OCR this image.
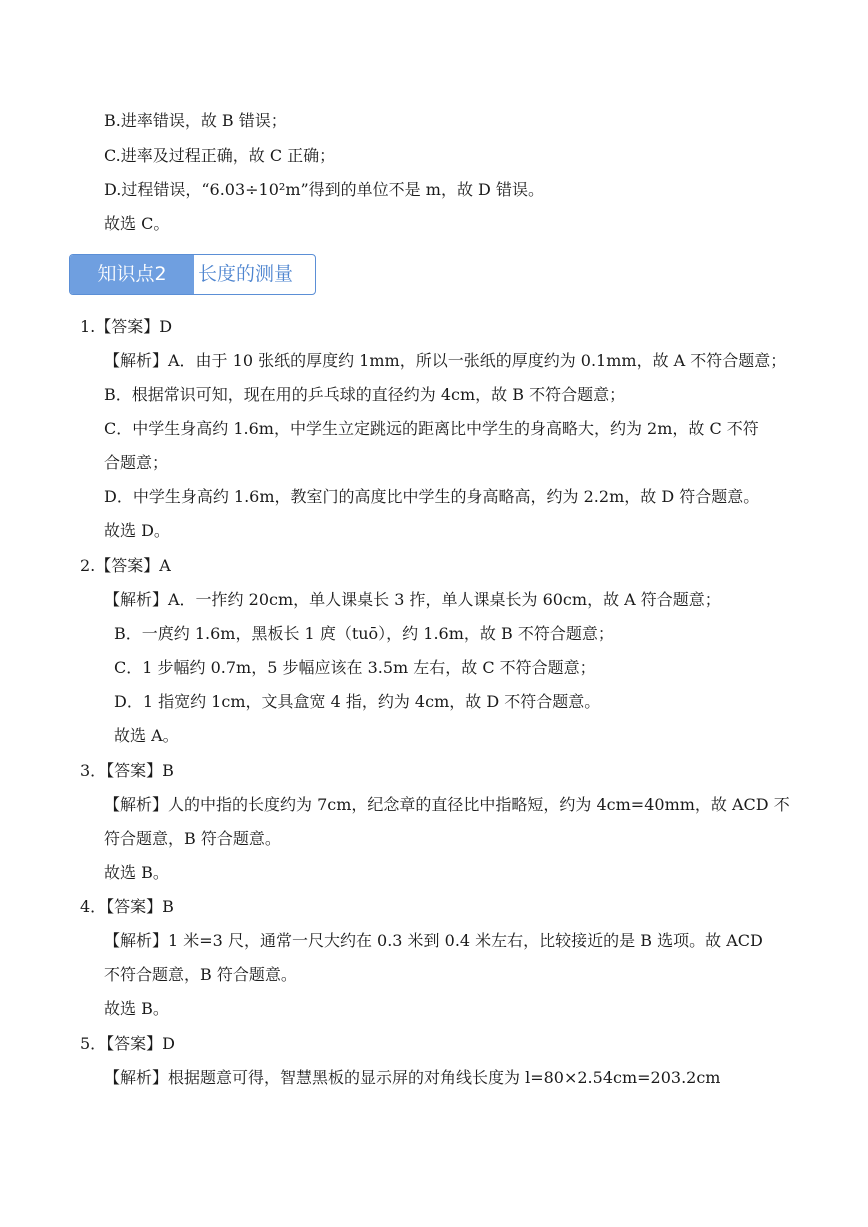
B.进率错误，故 B 错误；
C.进率及过程正确，故 C 正确；
D.过程错误，“6.03÷10²m”得到的单位不是 m，故 D 错误。
故选 C。
知识点2	长度的测量
1.【答案】D
【解析】A．由于 10 张纸的厚度约 1mm，所以一张纸的厚度约为 0.1mm，故 A 不符合题意；
B．根据常识可知，现在用的乒乓球的直径约为 4cm，故 B 不符合题意；
C．中学生身高约 1.6m，中学生立定跳远的距离比中学生的身高略大，约为 2m，故 C 不符
合题意；
D．中学生身高约 1.6m，教室门的高度比中学生的身高略高，约为 2.2m，故 D 符合题意。
故选 D。
2.【答案】A
【解析】A．一拃约 20cm，单人课桌长 3 拃，单人课桌长为 60cm，故 A 符合题意；
B．一庹约 1.6m，黑板长 1 庹（tuō），约 1.6m，故 B 不符合题意；
C．1 步幅约 0.7m，5 步幅应该在 3.5m 左右，故 C 不符合题意；
D．1 指宽约 1cm，文具盒宽 4 指，约为 4cm，故 D 不符合题意。
故选 A。
3．【答案】B
【解析】人的中指的长度约为 7cm，纪念章的直径比中指略短，约为 4cm=40mm，故 ACD 不
符合题意，B 符合题意。
故选 B。
4．【答案】B
【解析】1 米=3 尺，通常一尺大约在 0.3 米到 0.4 米左右，比较接近的是 B 选项。故 ACD
不符合题意，B 符合题意。
故选 B。
5．【答案】D
【解析】根据题意可得，智慧黑板的显示屏的对角线长度为 l=80×2.54cm=203.2cm
